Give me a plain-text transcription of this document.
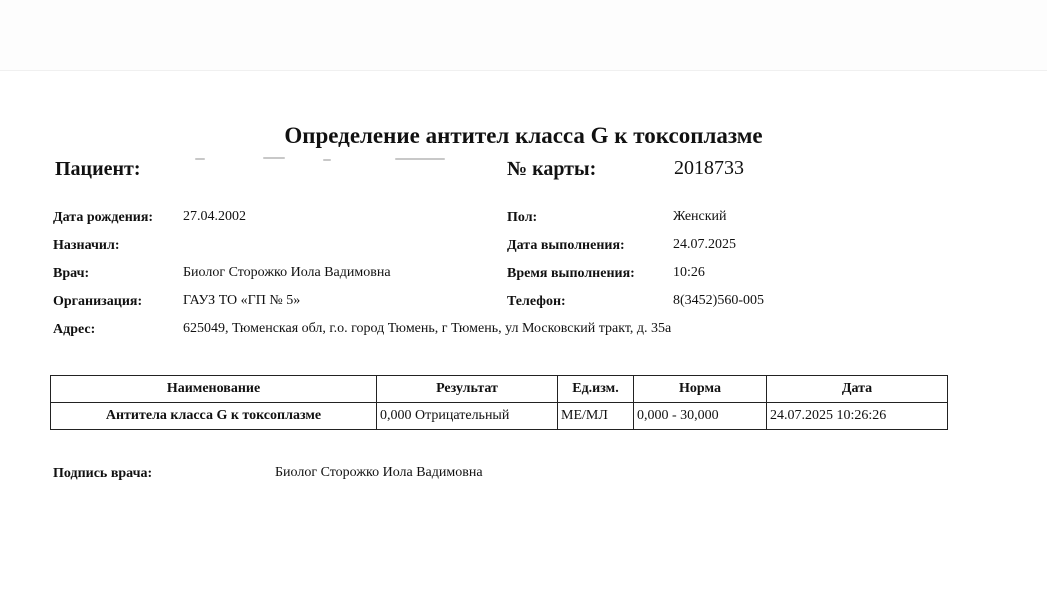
Определение антител класса G к токсоплазме
Пациент:	№ карты:	2018733
Дата рождения: 27.04.2002
Назначил:
Врач:	Биолог Сторожко Иола Вадимовна
Организация:	ГАУЗ ТО «ГП № 5»
Адрес:	625049, Тюменская обл, г.о. город Тюмень, г Тюмень, ул Московский тракт, д. 35а
Пол:	Женский
Дата выполнения:	24.07.2025
Время выполнения:	10:26
Телефон:	8(3452)560-005
Наименование	Результат	Ед.изм.	Норма	Дата
Антитела класса G к токсоплазме	0,000 Отрицательный	МЕ/МЛ	0,000 - 30,000	24.07.2025 10:26:26
Подпись врача:	Биолог Сторожко Иола Вадимовна
